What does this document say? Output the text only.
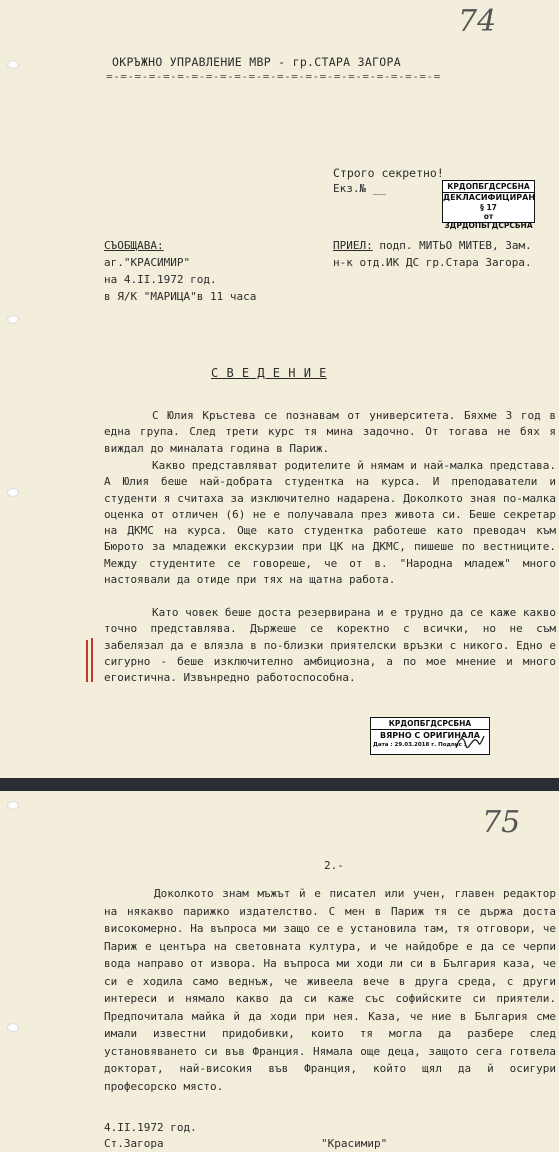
74
ОКРЪЖНО УПРАВЛЕНИЕ МВР - гр.СТАРА ЗАГОРА
=-=-=-=-=-=-=-=-=-=-=-=-=-=-=-=-=-=-=-=-=-=-=-=
Строго секретно!
Екз.№ __	КРДОПБГДСРСБНА
ДЕКЛАСИФИЦИРАН
§ 17
от ЗДРДОПБГДСРСБНА
СЪОБЩАВА:
аг."КРАСИМИР"
на 4.II.1972 год.
в Я/К "МАРИЦА"в 11 часа
ПРИЕЛ: подп. МИТЬО МИТЕВ, Зам.
н-к отд.ИК ДС гр.Стара Загора.
С В Е Д Е Н И Е
С Юлия Кръстева се познавам от университета. Бяхме 3 год в една група. След трети курс тя мина задочно. От тогава не бях я виждал до миналата година в Париж.
Какво представляват родителите й нямам и най-малка представа. А Юлия беше най-добрата студентка на курса. И преподаватели и студенти я считаха за изключително надарена. Доколкото зная по-малка оценка от отличен (6) не е получавала през живота си. Беше секретар на ДКМС на курса. Още като студентка работеше като преводач към Бюрото за младежки екскурзии при ЦК на ДКМС, пишеше по вестниците. Между студентите се говореше, че от в. "Народна младеж" много настоявали да отиде при тях на щатна работа.
Като човек беше доста резервирана и е трудно да се каже какво точно представлява. Държеше се коректно с всички, но не съм забелязал да е влязла в по-близки приятелски връзки с никого. Едно е сигурно - беше изключително амбициозна, а по мое мнение и много егоистична. Извънредно работоспособна.
КРДОПБГДСРСБНА
ВЯРНО С ОРИГИНАЛА
Дата : 29.03.2018 г. Подпис :
75
2.-
Доколкото знам мъжът й е писател или учен, главен редактор на някакво парижко издателство. С мен в Париж тя се държа доста високомерно. На въпроса ми защо се е установила там, тя отговори, че Париж е центъра на световната култура, и че найдобре е да се черпи вода направо от извора. На въпроса ми ходи ли си в България каза, че си е ходила само веднъж, че живеела вече в друга среда, с други интереси и нямало какво да си каже със софийските си приятели. Предпочитала майка й да ходи при нея. Каза, че ние в България сме имали известни придобивки, които тя могла да разбере след установяването си във Франция. Нямала още деца, защото сега готвела докторат, най-високия във Франция, който щял да й осигури професорско място.
4.II.1972 год.
Ст.Загора	"Красимир"
